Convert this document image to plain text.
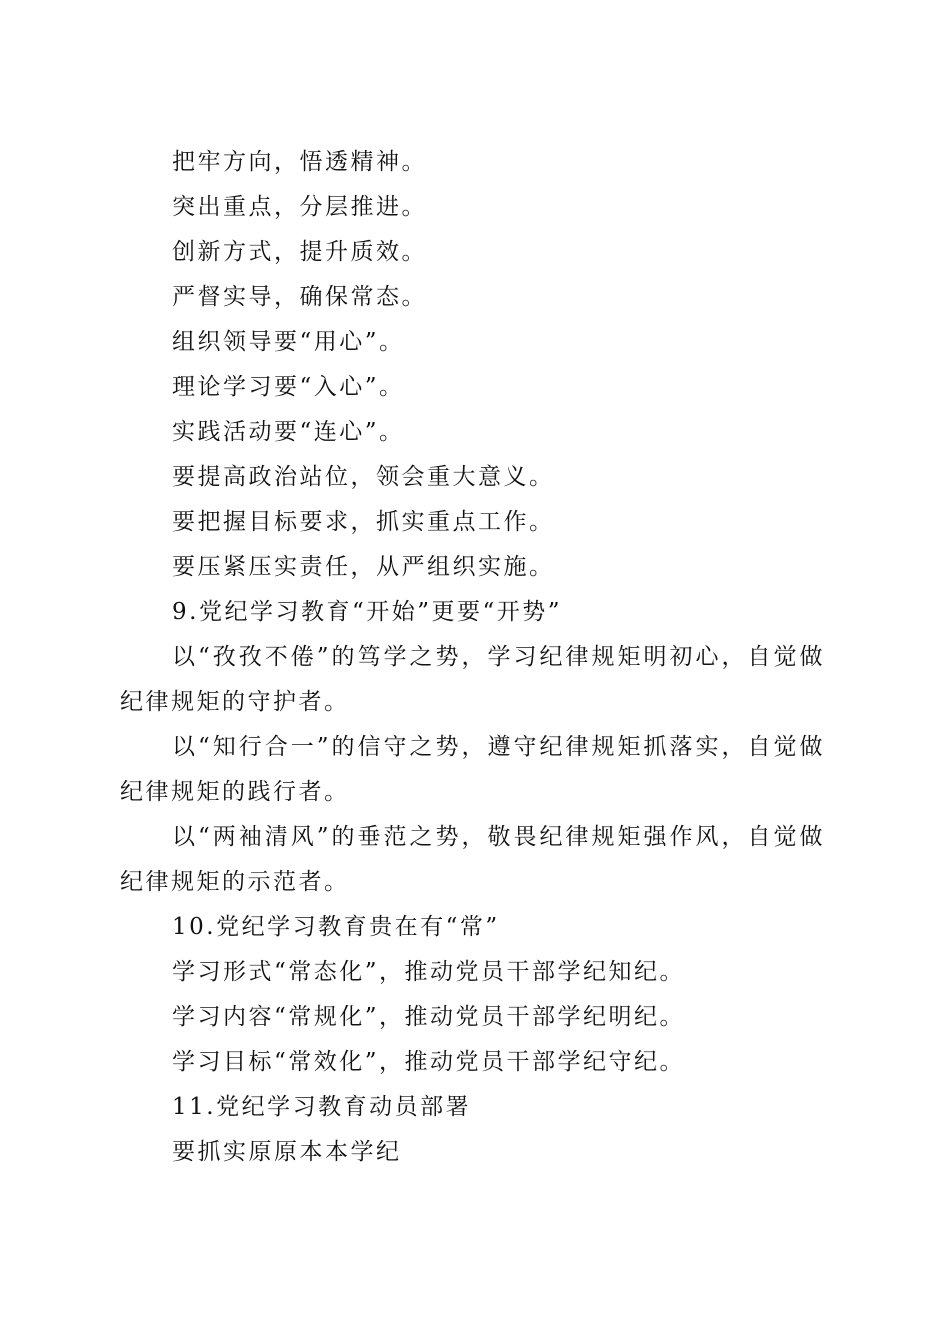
把牢方向，悟透精神。

突出重点，分层推进。

创新方式，提升质效。

严督实导，确保常态。

组织领导要“用心”。

理论学习要“入心”。

实践活动要“连心”。

要提高政治站位，领会重大意义。

要把握目标要求，抓实重点工作。

要压紧压实责任，从严组织实施。

9.党纪学习教育“开始”更要“开势”

以“孜孜不倦”的笃学之势，学习纪律规矩明初心，自觉做纪律规矩的守护者。

以“知行合一”的信守之势，遵守纪律规矩抓落实，自觉做纪律规矩的践行者。

以“两袖清风”的垂范之势，敬畏纪律规矩强作风，自觉做纪律规矩的示范者。

10.党纪学习教育贵在有“常”

学习形式“常态化”，推动党员干部学纪知纪。

学习内容“常规化”，推动党员干部学纪明纪。

学习目标“常效化”，推动党员干部学纪守纪。

11.党纪学习教育动员部署

要抓实原原本本学纪
